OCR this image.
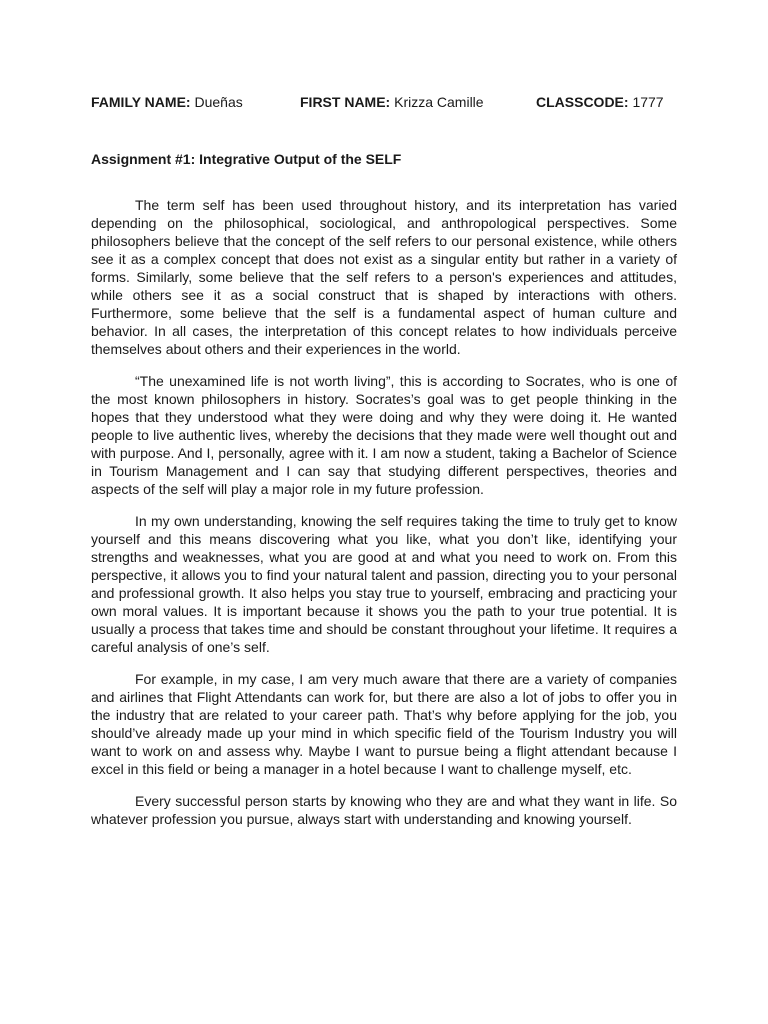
FAMILY NAME: Dueñas	FIRST NAME: Krizza Camille	CLASSCODE: 1777
Assignment #1: Integrative Output of the SELF

The term self has been used throughout history, and its interpretation has varied depending on the philosophical, sociological, and anthropological perspectives. Some philosophers believe that the concept of the self refers to our personal existence, while others see it as a complex concept that does not exist as a singular entity but rather in a variety of forms. Similarly, some believe that the self refers to a person's experiences and attitudes, while others see it as a social construct that is shaped by interactions with others. Furthermore, some believe that the self is a fundamental aspect of human culture and behavior. In all cases, the interpretation of this concept relates to how individuals perceive themselves about others and their experiences in the world.

“The unexamined life is not worth living”, this is according to Socrates, who is one of the most known philosophers in history. Socrates’s goal was to get people thinking in the hopes that they understood what they were doing and why they were doing it. He wanted people to live authentic lives, whereby the decisions that they made were well thought out and with purpose. And I, personally, agree with it. I am now a student, taking a Bachelor of Science in Tourism Management and I can say that studying different perspectives, theories and aspects of the self will play a major role in my future profession.

In my own understanding, knowing the self requires taking the time to truly get to know yourself and this means discovering what you like, what you don’t like, identifying your strengths and weaknesses, what you are good at and what you need to work on. From this perspective, it allows you to find your natural talent and passion, directing you to your personal and professional growth. It also helps you stay true to yourself, embracing and practicing your own moral values. It is important because it shows you the path to your true potential. It is usually a process that takes time and should be constant throughout your lifetime. It requires a careful analysis of one’s self.

For example, in my case, I am very much aware that there are a variety of companies and airlines that Flight Attendants can work for, but there are also a lot of jobs to offer you in the industry that are related to your career path. That’s why before applying for the job, you should’ve already made up your mind in which specific field of the Tourism Industry you will want to work on and assess why. Maybe I want to pursue being a flight attendant because I excel in this field or being a manager in a hotel because I want to challenge myself, etc.

Every successful person starts by knowing who they are and what they want in life. So whatever profession you pursue, always start with understanding and knowing yourself.
